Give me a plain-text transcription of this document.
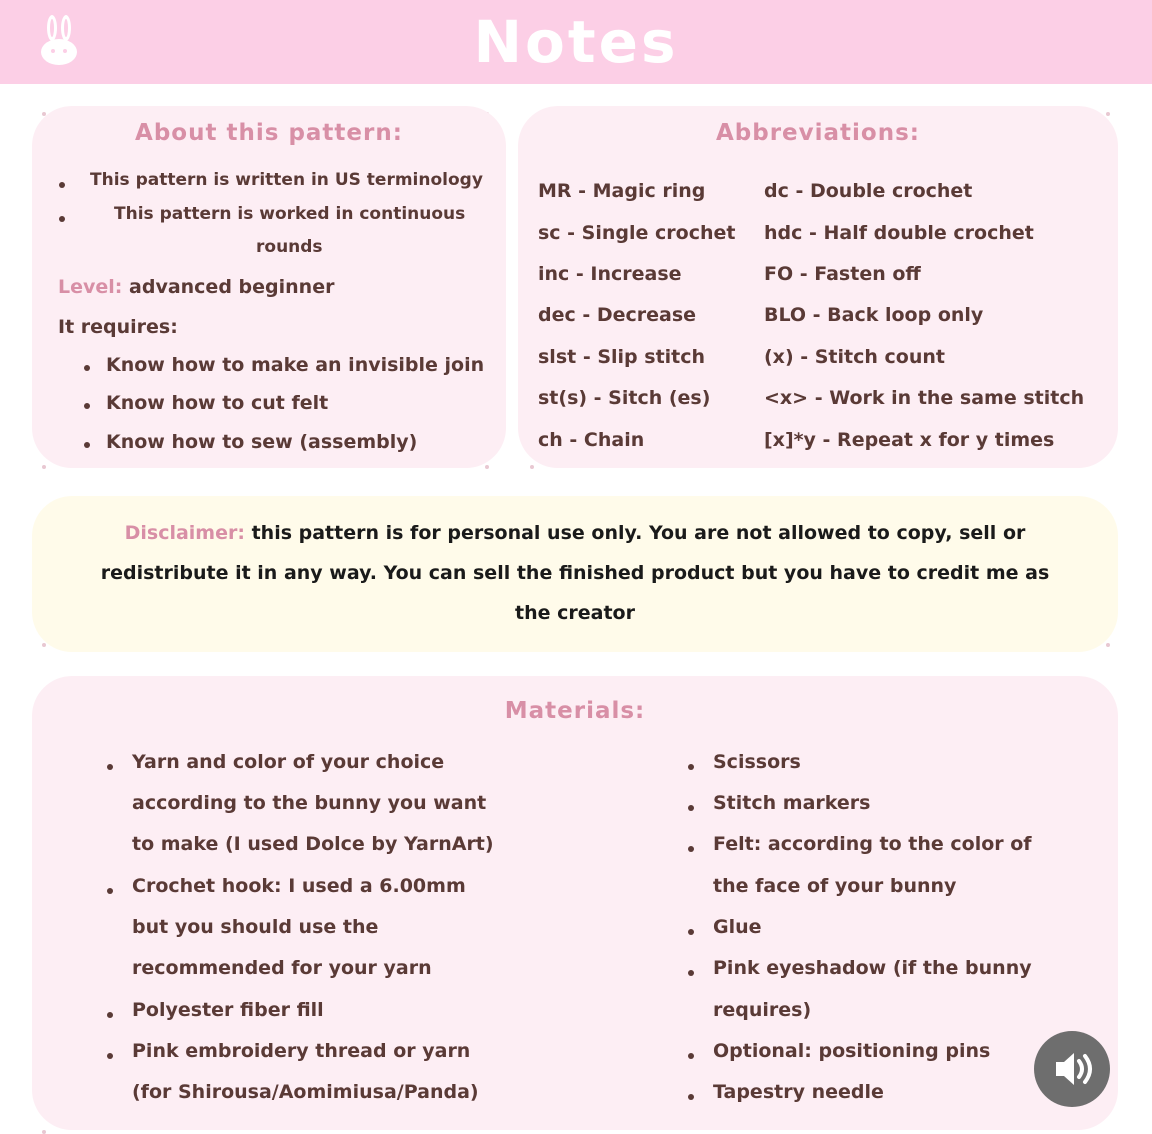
Notes
About this pattern:
This pattern is written in US terminology
This pattern is worked in continuous
rounds
Level: advanced beginner
It requires:
Know how to make an invisible join
Know how to cut felt
Know how to sew (assembly)
Abbreviations:
MR - Magic ring
sc - Single crochet
inc - Increase
dec - Decrease
slst - Slip stitch
st(s) - Sitch (es)
ch - Chain
dc - Double crochet
hdc - Half double crochet
FO - Fasten off
BLO - Back loop only
(x) - Stitch count
<x> - Work in the same stitch
[x]*y - Repeat x for y times
Disclaimer: this pattern is for personal use only. You are not allowed to copy, sell or
redistribute it in any way. You can sell the finished product but you have to credit me as
the creator
Materials:
Yarn and color of your choice
according to the bunny you want
to make (I used Dolce by YarnArt)
Crochet hook: I used a 6.00mm
but you should use the
recommended for your yarn
Polyester fiber fill
Pink embroidery thread or yarn
(for Shirousa/Aomimiusa/Panda)
Scissors
Stitch markers
Felt: according to the color of
the face of your bunny
Glue
Pink eyeshadow (if the bunny
requires)
Optional: positioning pins
Tapestry needle
